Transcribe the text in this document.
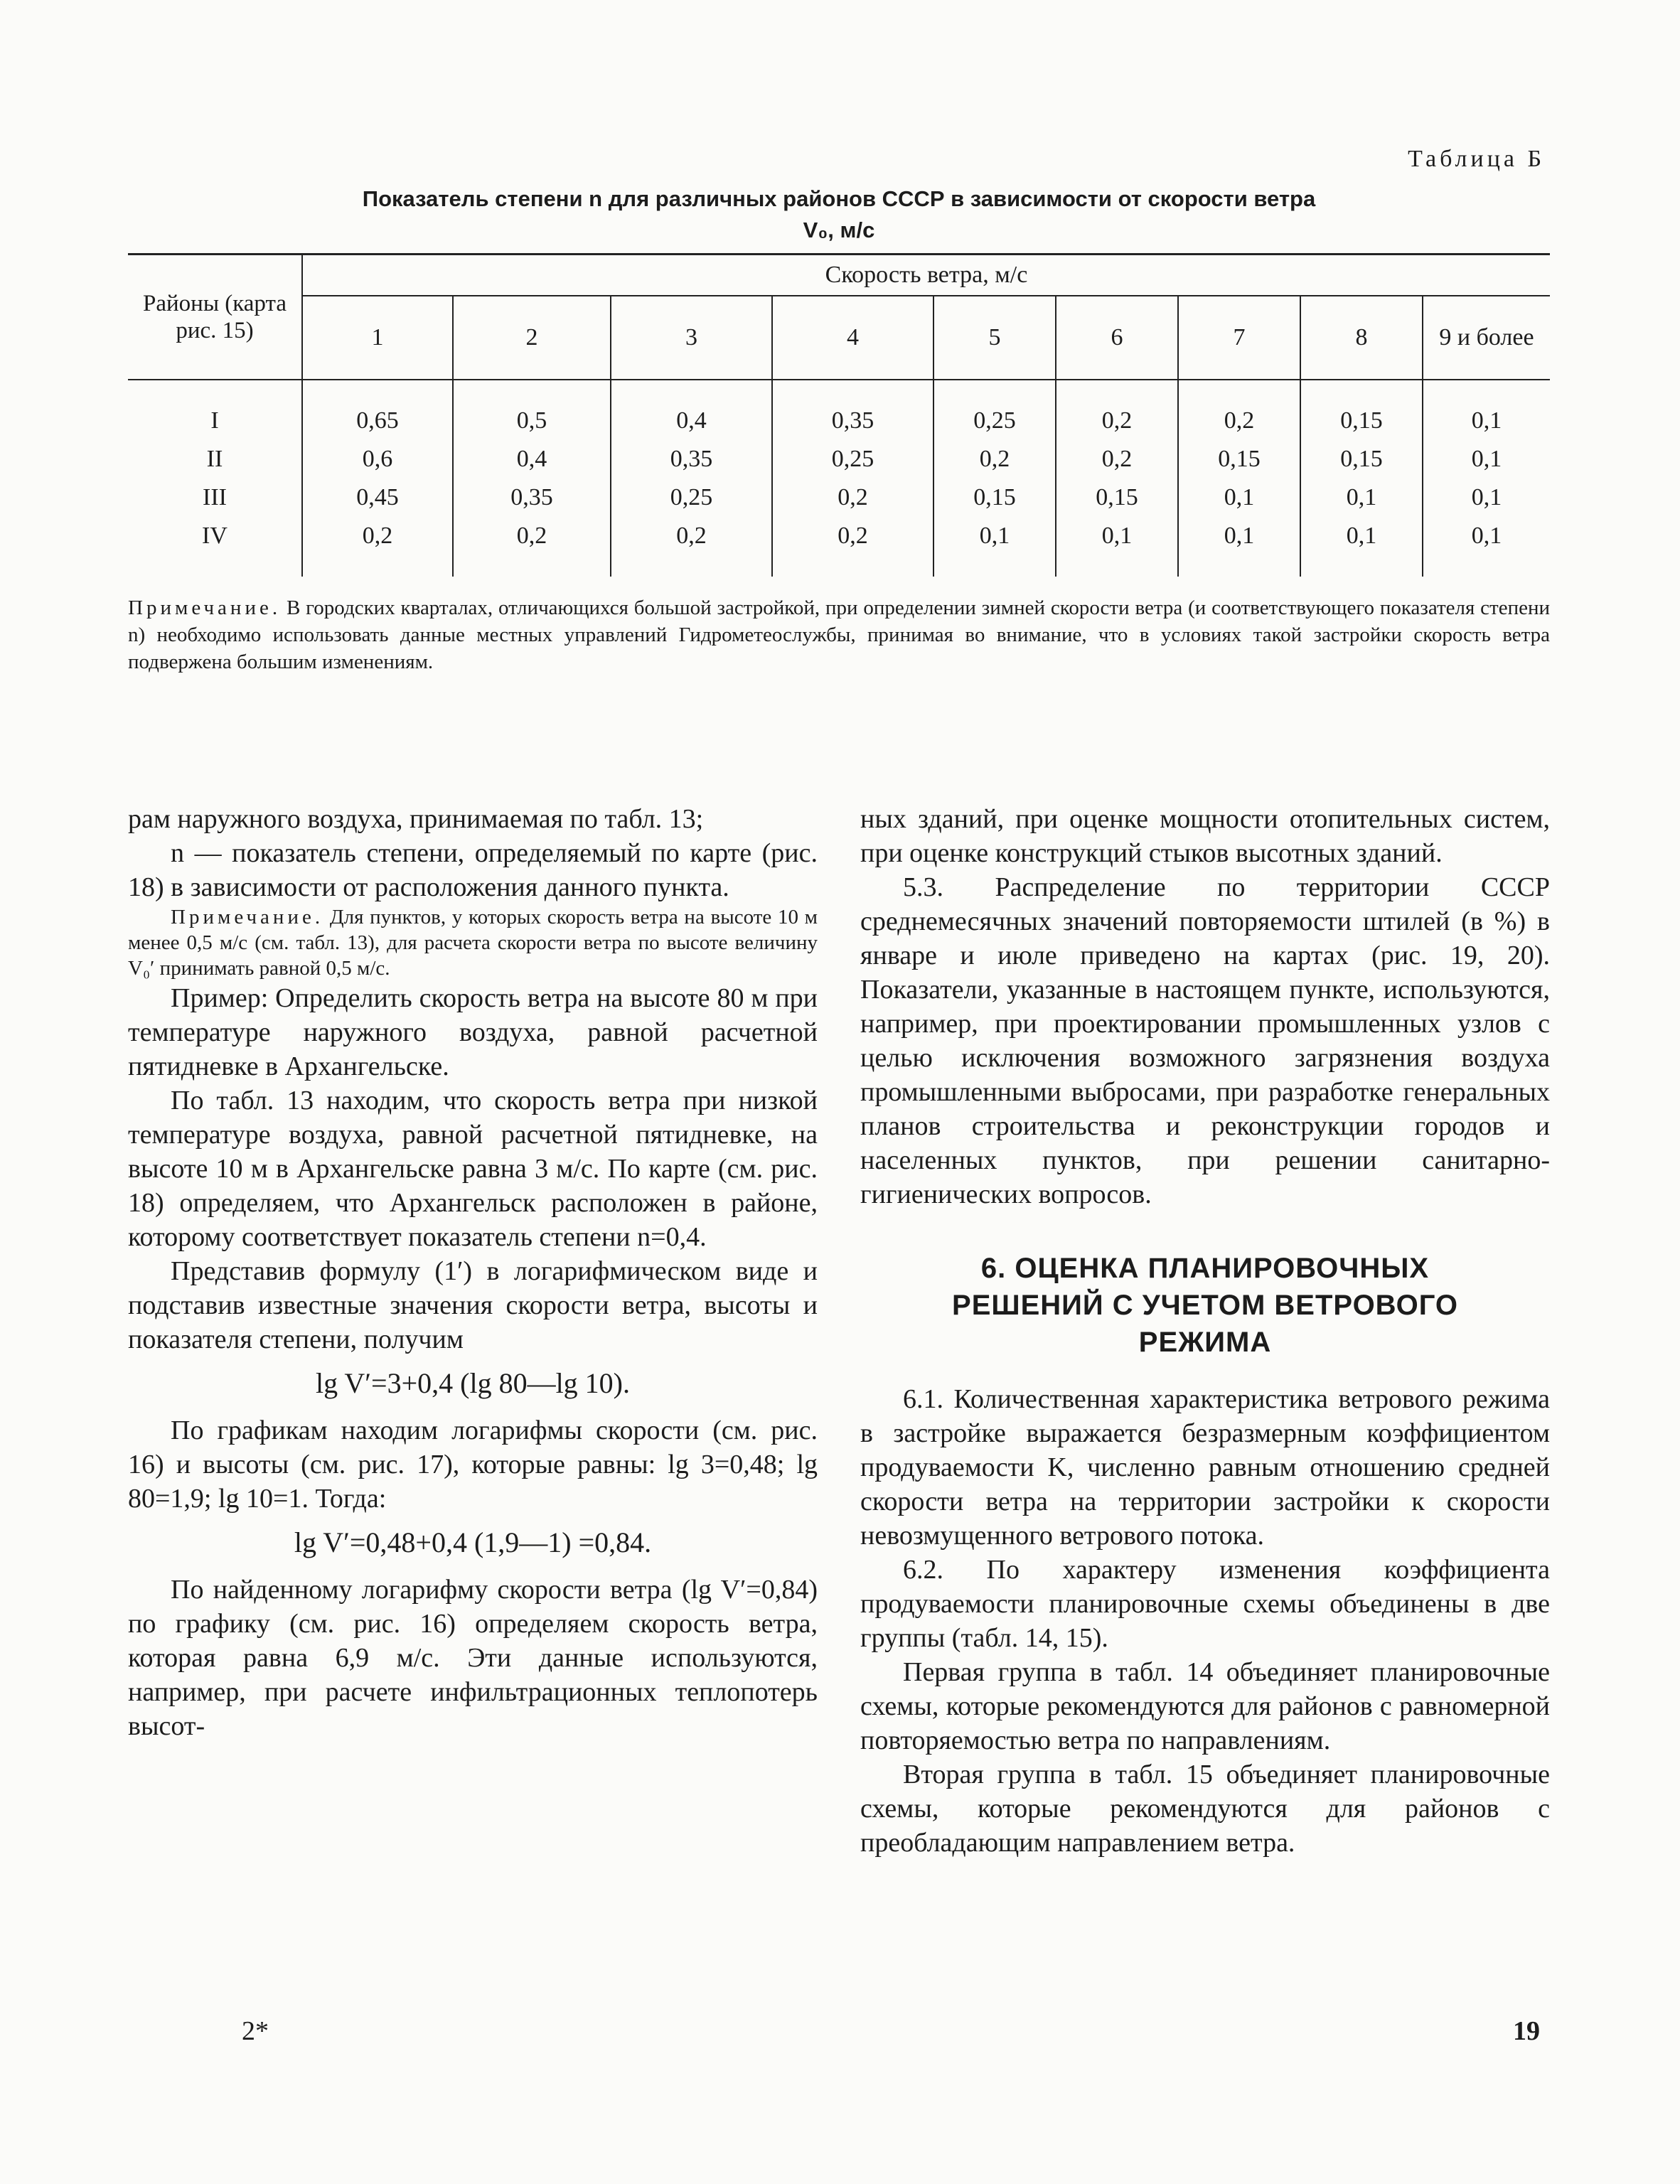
Таблица Б
Показатель степени n для различных районов СССР в зависимости от скорости ветра
V₀, м/с
Районы (карта рис. 15)	Скорость ветра, м/с								
	1	2	3	4	5	6	7	8	9 и более
I	0,65	0,5	0,4	0,35	0,25	0,2	0,2	0,15	0,1
II	0,6	0,4	0,35	0,25	0,2	0,2	0,15	0,15	0,1
III	0,45	0,35	0,25	0,2	0,15	0,15	0,1	0,1	0,1
IV	0,2	0,2	0,2	0,2	0,1	0,1	0,1	0,1	0,1
Примечание. В городских кварталах, отличающихся большой застройкой, при определении зимней скорости ветра (и соответствующего показателя степени n) необходимо использовать данные местных управлений Гидрометеослужбы, принимая во внимание, что в условиях такой застройки скорость ветра подвержена большим изменениям.

рам наружного воздуха, принимаемая по табл. 13;

n — показатель степени, определяемый по карте (рис. 18) в зависимости от расположения данного пункта.

Примечание. Для пунктов, у которых скорость ветра на высоте 10 м менее 0,5 м/с (см. табл. 13), для расчета скорости ветра по высоте величину V₀′ принимать равной 0,5 м/с.

Пример: Определить скорость ветра на высоте 80 м при температуре наружного воздуха, равной расчетной пятидневке в Архангельске.

По табл. 13 находим, что скорость ветра при низкой температуре воздуха, равной расчетной пятидневке, на высоте 10 м в Архангельске равна 3 м/с. По карте (см. рис. 18) определяем, что Архангельск расположен в районе, которому соответствует показатель степени n=0,4.

Представив формулу (1′) в логарифмическом виде и подставив известные значения скорости ветра, высоты и показателя степени, получим

lg V′=3+0,4 (lg 80—lg 10).

По графикам находим логарифмы скорости (см. рис. 16) и высоты (см. рис. 17), которые равны: lg 3=0,48; lg 80=1,9; lg 10=1. Тогда:

lg V′=0,48+0,4 (1,9—1) =0,84.

По найденному логарифму скорости ветра (lg V′=0,84) по графику (см. рис. 16) определяем скорость ветра, которая равна 6,9 м/с. Эти данные используются, например, при расчете инфильтрационных теплопотерь высот-

ных зданий, при оценке мощности отопительных систем, при оценке конструкций стыков высотных зданий.

5.3. Распределение по территории СССР среднемесячных значений повторяемости штилей (в %) в январе и июле приведено на картах (рис. 19, 20). Показатели, указанные в настоящем пункте, используются, например, при проектировании промышленных узлов с целью исключения возможного загрязнения воздуха промышленными выбросами, при разработке генеральных планов строительства и реконструкции городов и населенных пунктов, при решении санитарно-гигиенических вопросов.

6. ОЦЕНКА ПЛАНИРОВОЧНЫХ
РЕШЕНИЙ С УЧЕТОМ ВЕТРОВОГО
РЕЖИМА

6.1. Количественная характеристика ветрового режима в застройке выражается безразмерным коэффициентом продуваемости K, численно равным отношению средней скорости ветра на территории застройки к скорости невозмущенного ветрового потока.

6.2. По характеру изменения коэффициента продуваемости планировочные схемы объединены в две группы (табл. 14, 15).

Первая группа в табл. 14 объединяет планировочные схемы, которые рекомендуются для районов с равномерной повторяемостью ветра по направлениям.

Вторая группа в табл. 15 объединяет планировочные схемы, которые рекомендуются для районов с преобладающим направлением ветра.

2*	19
